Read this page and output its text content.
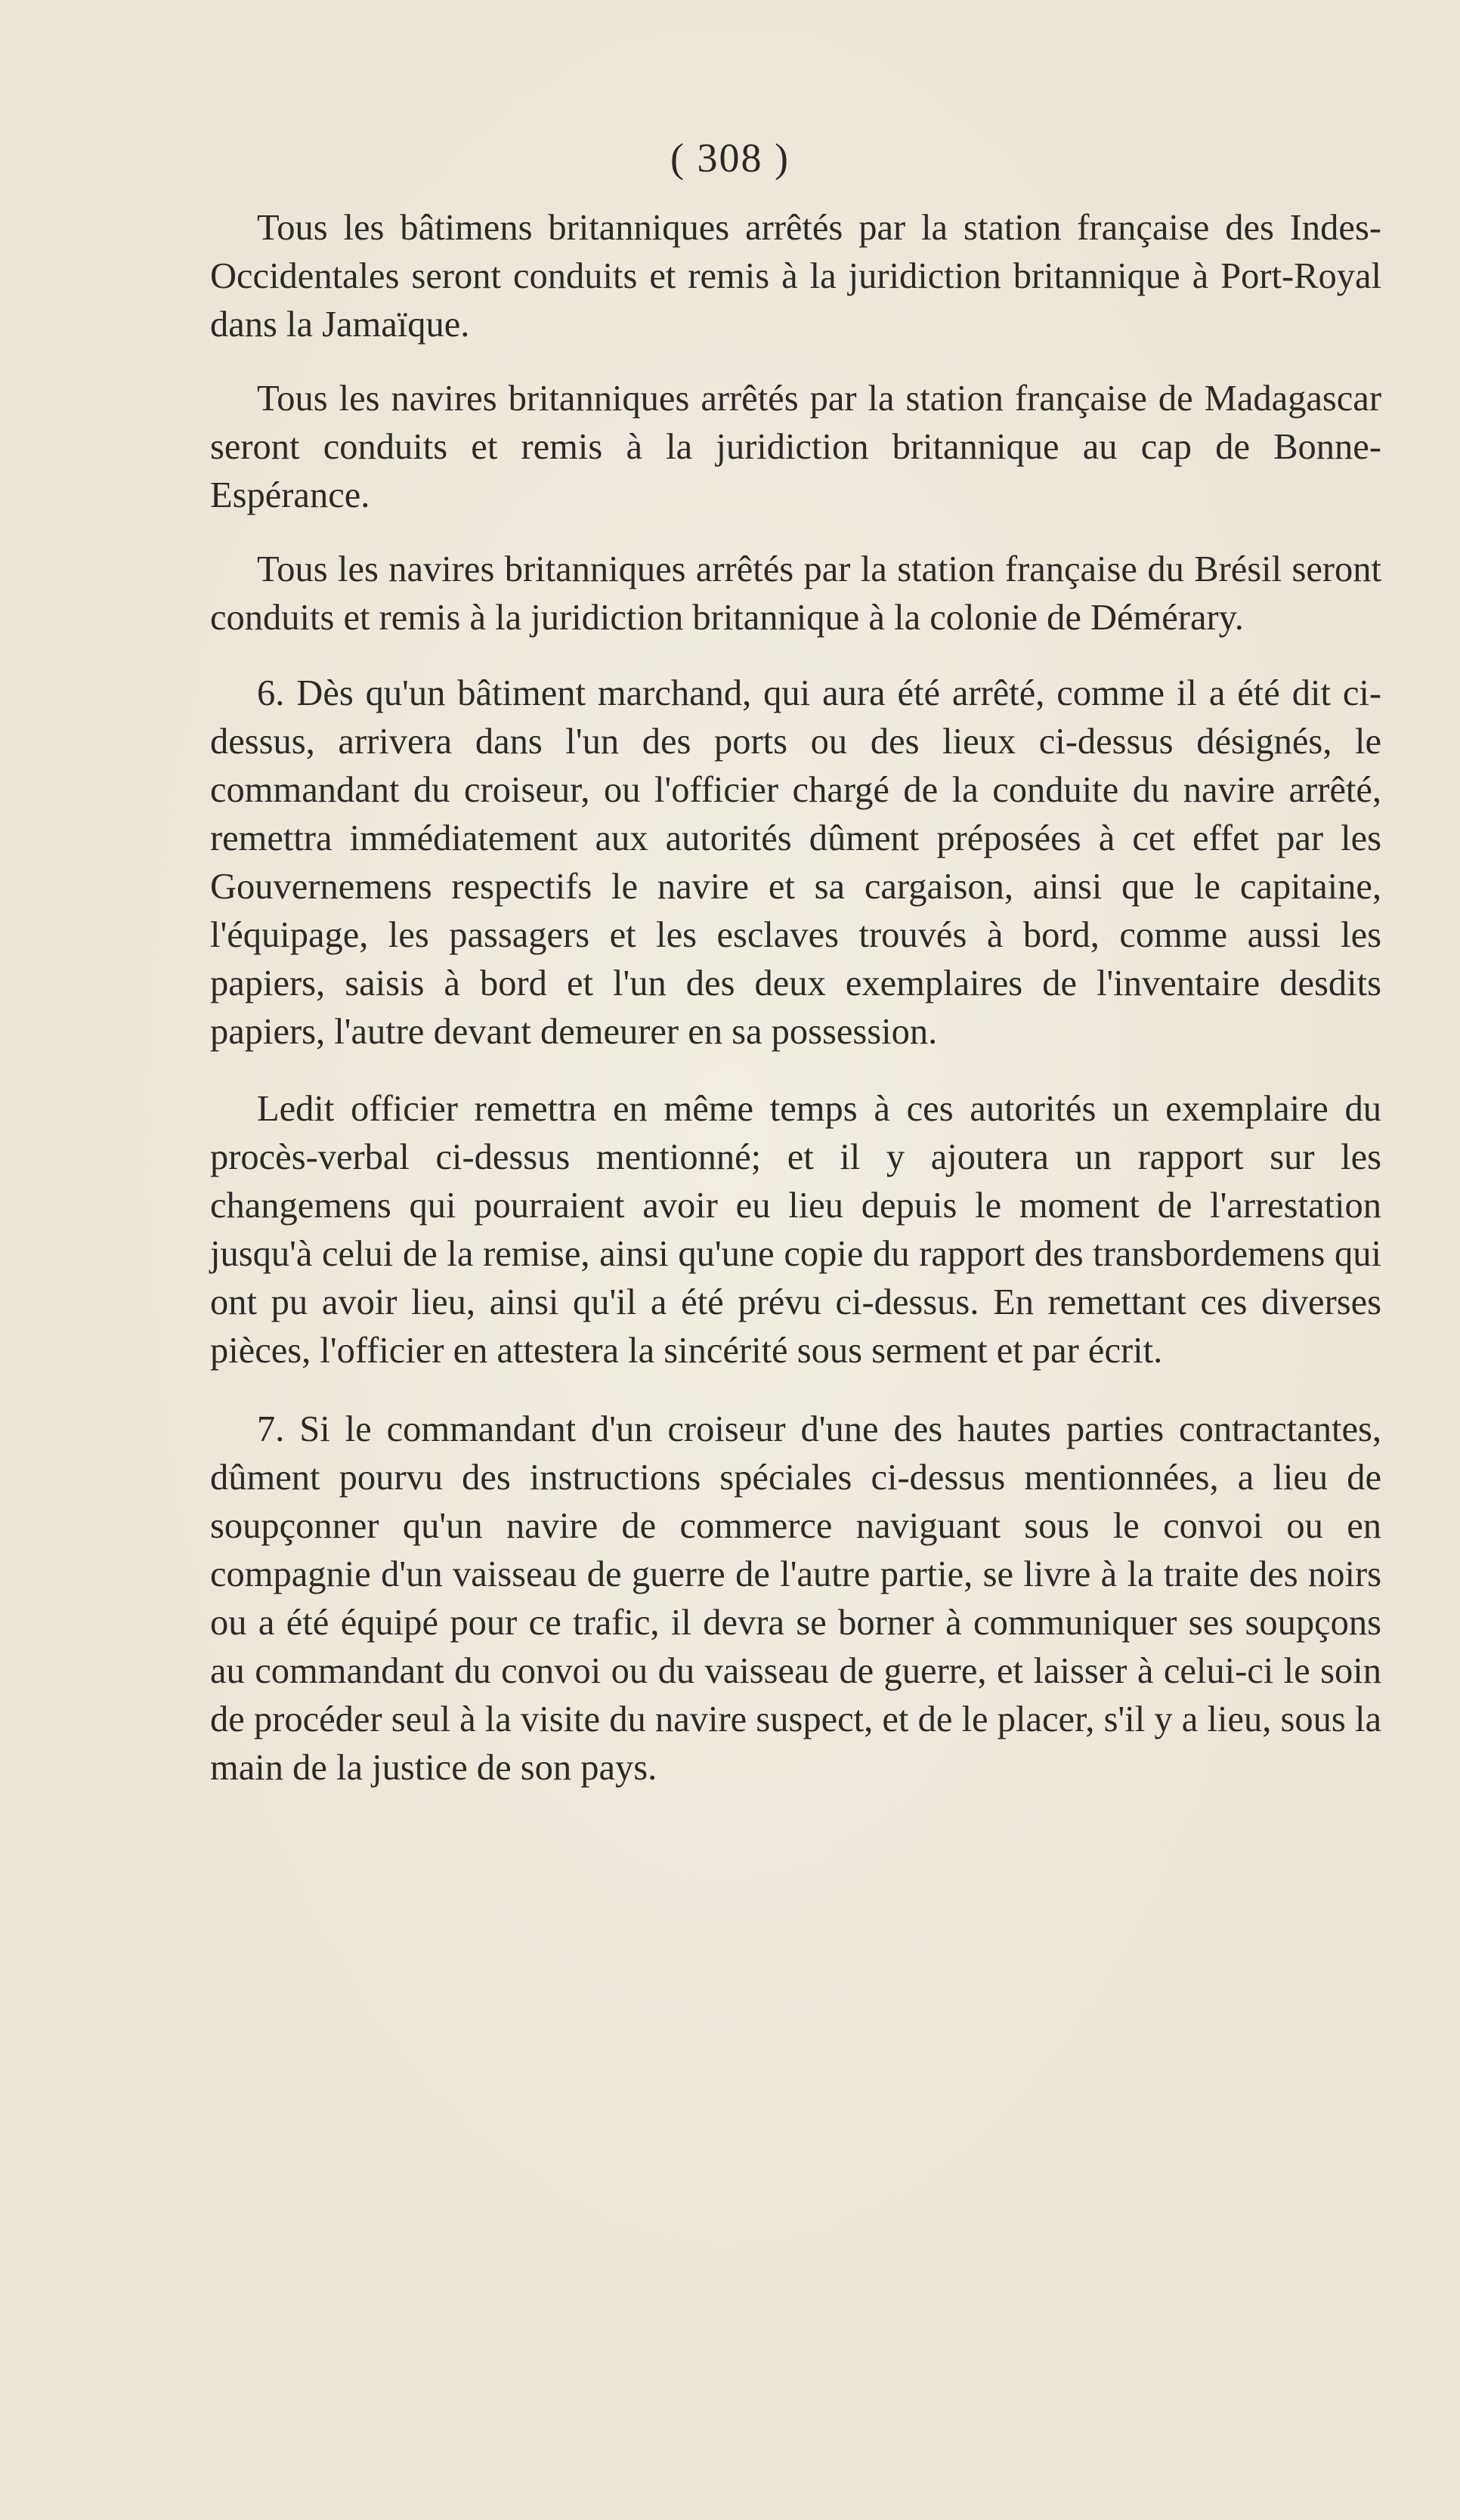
( 308 )

Tous les bâtimens britanniques arrêtés par la station française des Indes-Occidentales seront conduits et remis à la juridiction britannique à Port-Royal dans la Jamaïque.

Tous les navires britanniques arrêtés par la station française de Madagascar seront conduits et remis à la juridiction britannique au cap de Bonne-Espérance.

Tous les navires britanniques arrêtés par la station française du Brésil seront conduits et remis à la juridiction britannique à la colonie de Démérary.

6. Dès qu'un bâtiment marchand, qui aura été arrêté, comme il a été dit ci-dessus, arrivera dans l'un des ports ou des lieux ci-dessus désignés, le commandant du croiseur, ou l'officier chargé de la conduite du navire arrêté, remettra immédiatement aux autorités dûment préposées à cet effet par les Gouvernemens respectifs le navire et sa cargaison, ainsi que le capitaine, l'équipage, les passagers et les esclaves trouvés à bord, comme aussi les papiers, saisis à bord et l'un des deux exemplaires de l'inventaire desdits papiers, l'autre devant demeurer en sa possession.

Ledit officier remettra en même temps à ces autorités un exemplaire du procès-verbal ci-dessus mentionné; et il y ajoutera un rapport sur les changemens qui pourraient avoir eu lieu depuis le moment de l'arrestation jusqu'à celui de la remise, ainsi qu'une copie du rapport des transbordemens qui ont pu avoir lieu, ainsi qu'il a été prévu ci-dessus. En remettant ces diverses pièces, l'officier en attestera la sincérité sous serment et par écrit.

7. Si le commandant d'un croiseur d'une des hautes parties contractantes, dûment pourvu des instructions spéciales ci-dessus mentionnées, a lieu de soupçonner qu'un navire de commerce naviguant sous le convoi ou en compagnie d'un vaisseau de guerre de l'autre partie, se livre à la traite des noirs ou a été équipé pour ce trafic, il devra se borner à communiquer ses soupçons au commandant du convoi ou du vaisseau de guerre, et laisser à celui-ci le soin de procéder seul à la visite du navire suspect, et de le placer, s'il y a lieu, sous la main de la justice de son pays.
